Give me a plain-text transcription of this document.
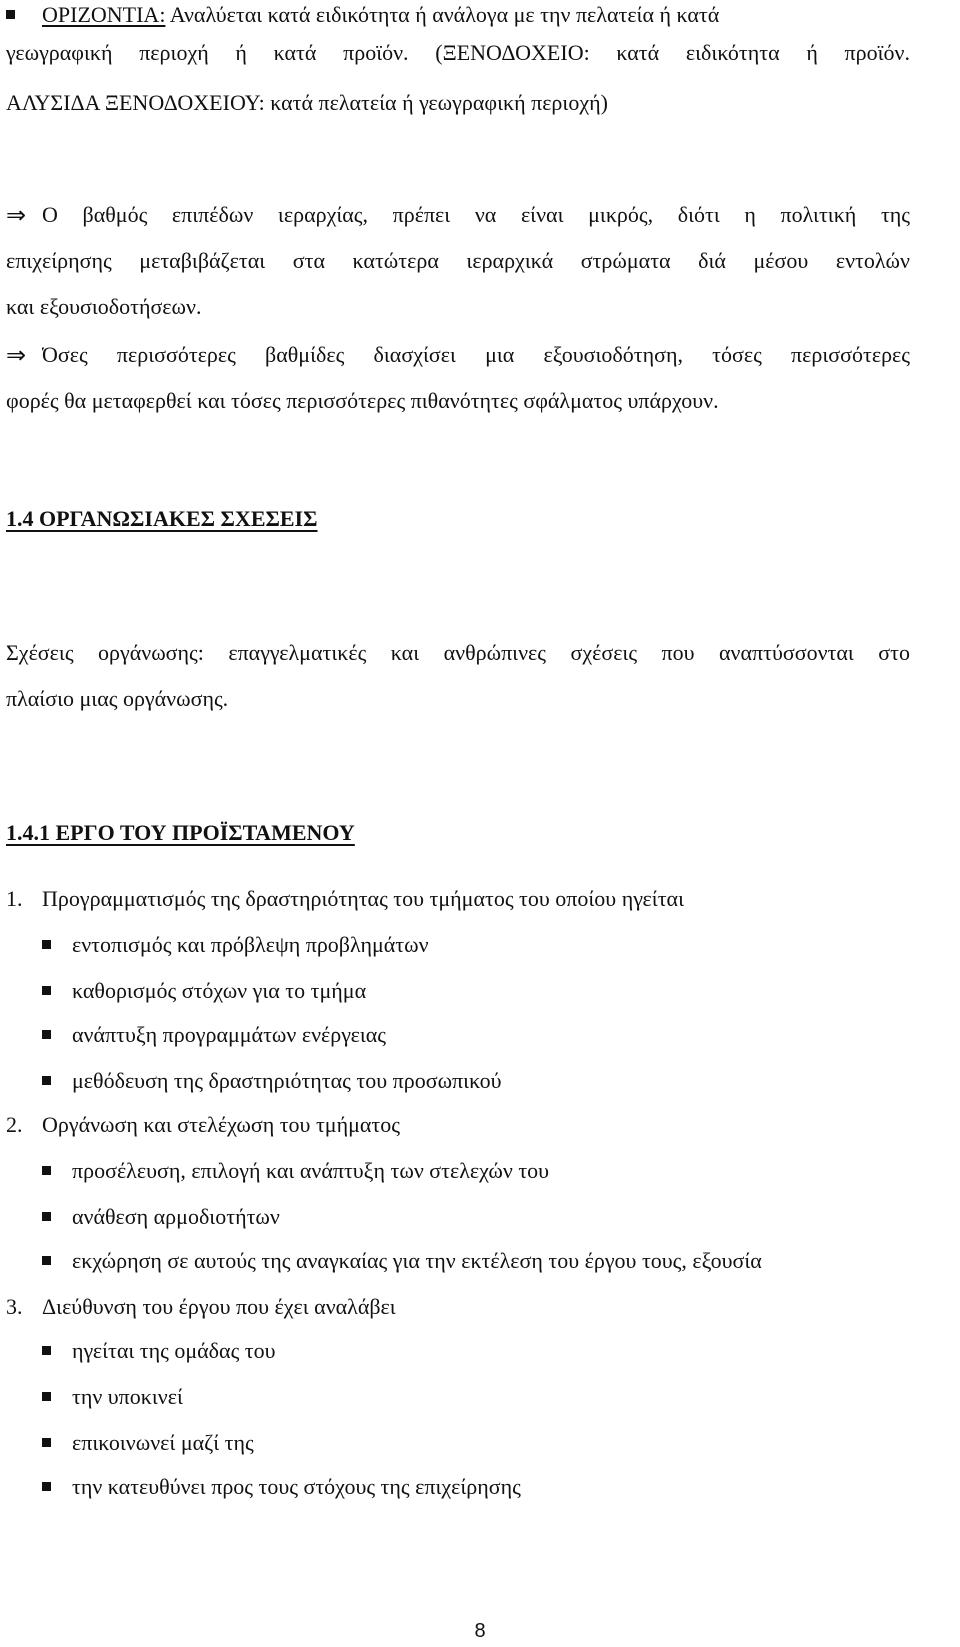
ΟΡΙΖΟΝΤΙΑ: Αναλύεται κατά ειδικότητα ή ανάλογα με την πελατεία ή κατά
γεωγραφική περιοχή ή κατά προϊόν. (ΞΕΝΟΔΟΧΕΙΟ: κατά ειδικότητα ή προϊόν.
ΑΛΥΣΙΔΑ ΞΕΝΟΔΟΧΕΙΟΥ: κατά πελατεία ή γεωγραφική περιοχή)
⇒ Ο βαθμός επιπέδων ιεραρχίας, πρέπει να είναι μικρός, διότι η πολιτική της
επιχείρησης μεταβιβάζεται στα κατώτερα ιεραρχικά στρώματα διά μέσου εντολών
και εξουσιοδοτήσεων.
⇒ Όσες περισσότερες βαθμίδες διασχίσει μια εξουσιοδότηση, τόσες περισσότερες
φορές θα μεταφερθεί και τόσες περισσότερες πιθανότητες σφάλματος υπάρχουν.
1.4 ΟΡΓΑΝΩΣΙΑΚΕΣ ΣΧΕΣΕΙΣ
Σχέσεις οργάνωσης: επαγγελματικές και ανθρώπινες σχέσεις που αναπτύσσονται στο
πλαίσιο μιας οργάνωσης.
1.4.1 ΕΡΓΟ ΤΟΥ ΠΡΟΪΣΤΑΜΕΝΟΥ
1. Προγραμματισμός της δραστηριότητας του τμήματος του οποίου ηγείται
εντοπισμός και πρόβλεψη προβλημάτων
καθορισμός στόχων για το τμήμα
ανάπτυξη προγραμμάτων ενέργειας
μεθόδευση της δραστηριότητας του προσωπικού
2. Οργάνωση και στελέχωση του τμήματος
προσέλευση, επιλογή και ανάπτυξη των στελεχών του
ανάθεση αρμοδιοτήτων
εκχώρηση σε αυτούς της αναγκαίας για την εκτέλεση του έργου τους, εξουσία
3. Διεύθυνση του έργου που έχει αναλάβει
ηγείται της ομάδας του
την υποκινεί
επικοινωνεί μαζί της
την κατευθύνει προς τους στόχους της επιχείρησης
8
